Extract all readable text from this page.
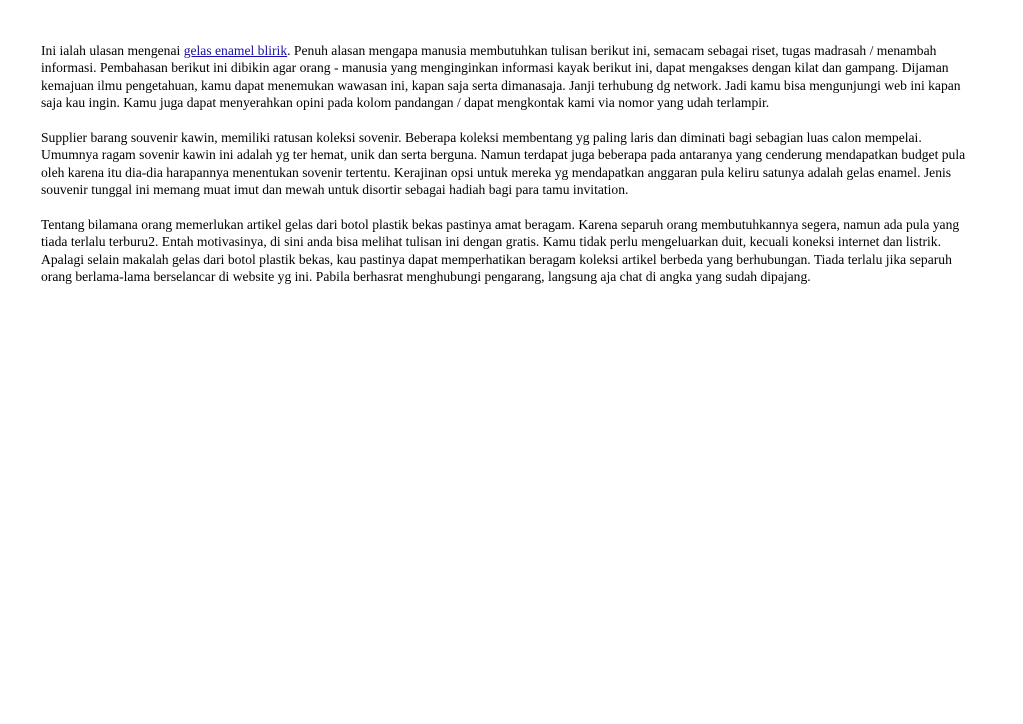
Ini ialah ulasan mengenai gelas enamel blirik. Penuh alasan mengapa manusia membutuhkan tulisan berikut ini, semacam sebagai riset, tugas madrasah / menambah informasi. Pembahasan berikut ini dibikin agar orang - manusia yang menginginkan informasi kayak berikut ini, dapat mengakses dengan kilat dan gampang. Dijaman kemajuan ilmu pengetahuan, kamu dapat menemukan wawasan ini, kapan saja serta dimanasaja. Janji terhubung dg network. Jadi kamu bisa mengunjungi web ini kapan saja kau ingin. Kamu juga dapat menyerahkan opini pada kolom pandangan / dapat mengkontak kami via nomor yang udah terlampir.

Supplier barang souvenir kawin, memiliki ratusan koleksi sovenir. Beberapa koleksi membentang yg paling laris dan diminati bagi sebagian luas calon mempelai. Umumnya ragam sovenir kawin ini adalah yg ter hemat, unik dan serta berguna. Namun terdapat juga beberapa pada antaranya yang cenderung mendapatkan budget pula oleh karena itu dia-dia harapannya menentukan sovenir tertentu. Kerajinan opsi untuk mereka yg mendapatkan anggaran pula keliru satunya adalah gelas enamel. Jenis souvenir tunggal ini memang muat imut dan mewah untuk disortir sebagai hadiah bagi para tamu invitation.

Tentang bilamana orang memerlukan artikel gelas dari botol plastik bekas pastinya amat beragam. Karena separuh orang membutuhkannya segera, namun ada pula yang tiada terlalu terburu2. Entah motivasinya, di sini anda bisa melihat tulisan ini dengan gratis. Kamu tidak perlu mengeluarkan duit, kecuali koneksi internet dan listrik. Apalagi selain makalah gelas dari botol plastik bekas, kau pastinya dapat memperhatikan beragam koleksi artikel berbeda yang berhubungan. Tiada terlalu jika separuh orang berlama-lama berselancar di website yg ini. Pabila berhasrat menghubungi pengarang, langsung aja chat di angka yang sudah dipajang.
